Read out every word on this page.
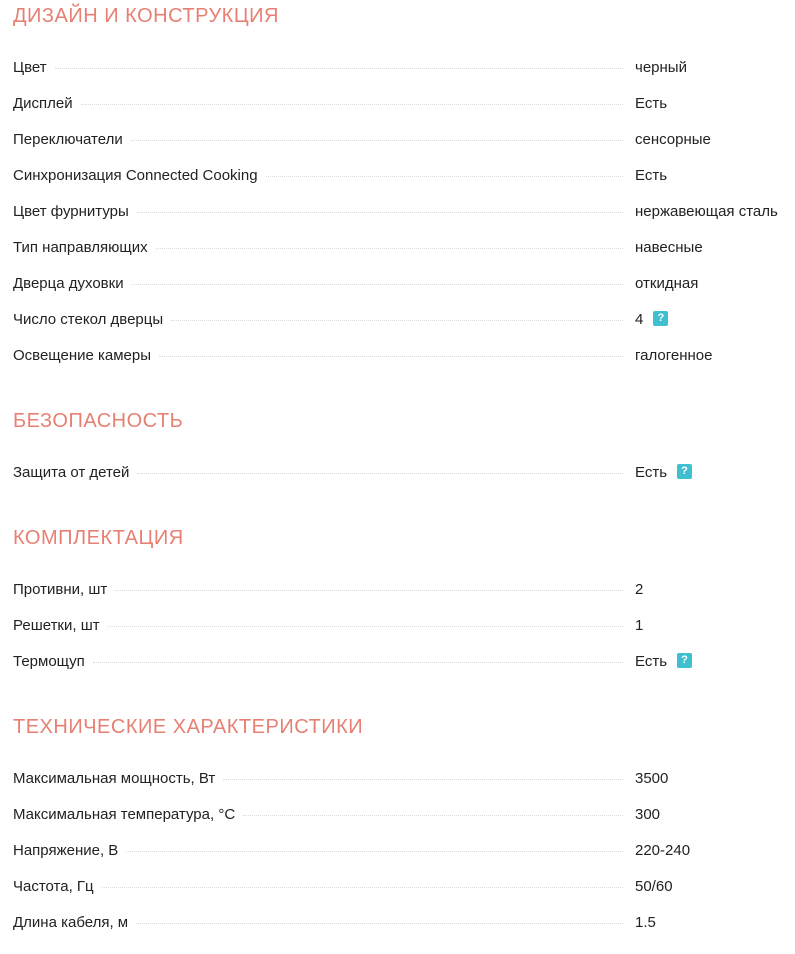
ДИЗАЙН И КОНСТРУКЦИЯ
Цвет	черный
Дисплей	Есть
Переключатели	сенсорные
Синхронизация Connected Cooking	Есть
Цвет фурнитуры	нержавеющая сталь
Тип направляющих	навесные
Дверца духовки	откидная
Число стекол дверцы	4	?
Освещение камеры	галогенное
БЕЗОПАСНОСТЬ
Защита от детей	Есть	?
КОМПЛЕКТАЦИЯ
Противни, шт	2
Решетки, шт	1
Термощуп	Есть	?
ТЕХНИЧЕСКИЕ ХАРАКТЕРИСТИКИ
Максимальная мощность, Вт	3500
Максимальная температура, °C	300
Напряжение, В	220-240
Частота, Гц	50/60
Длина кабеля, м	1.5
